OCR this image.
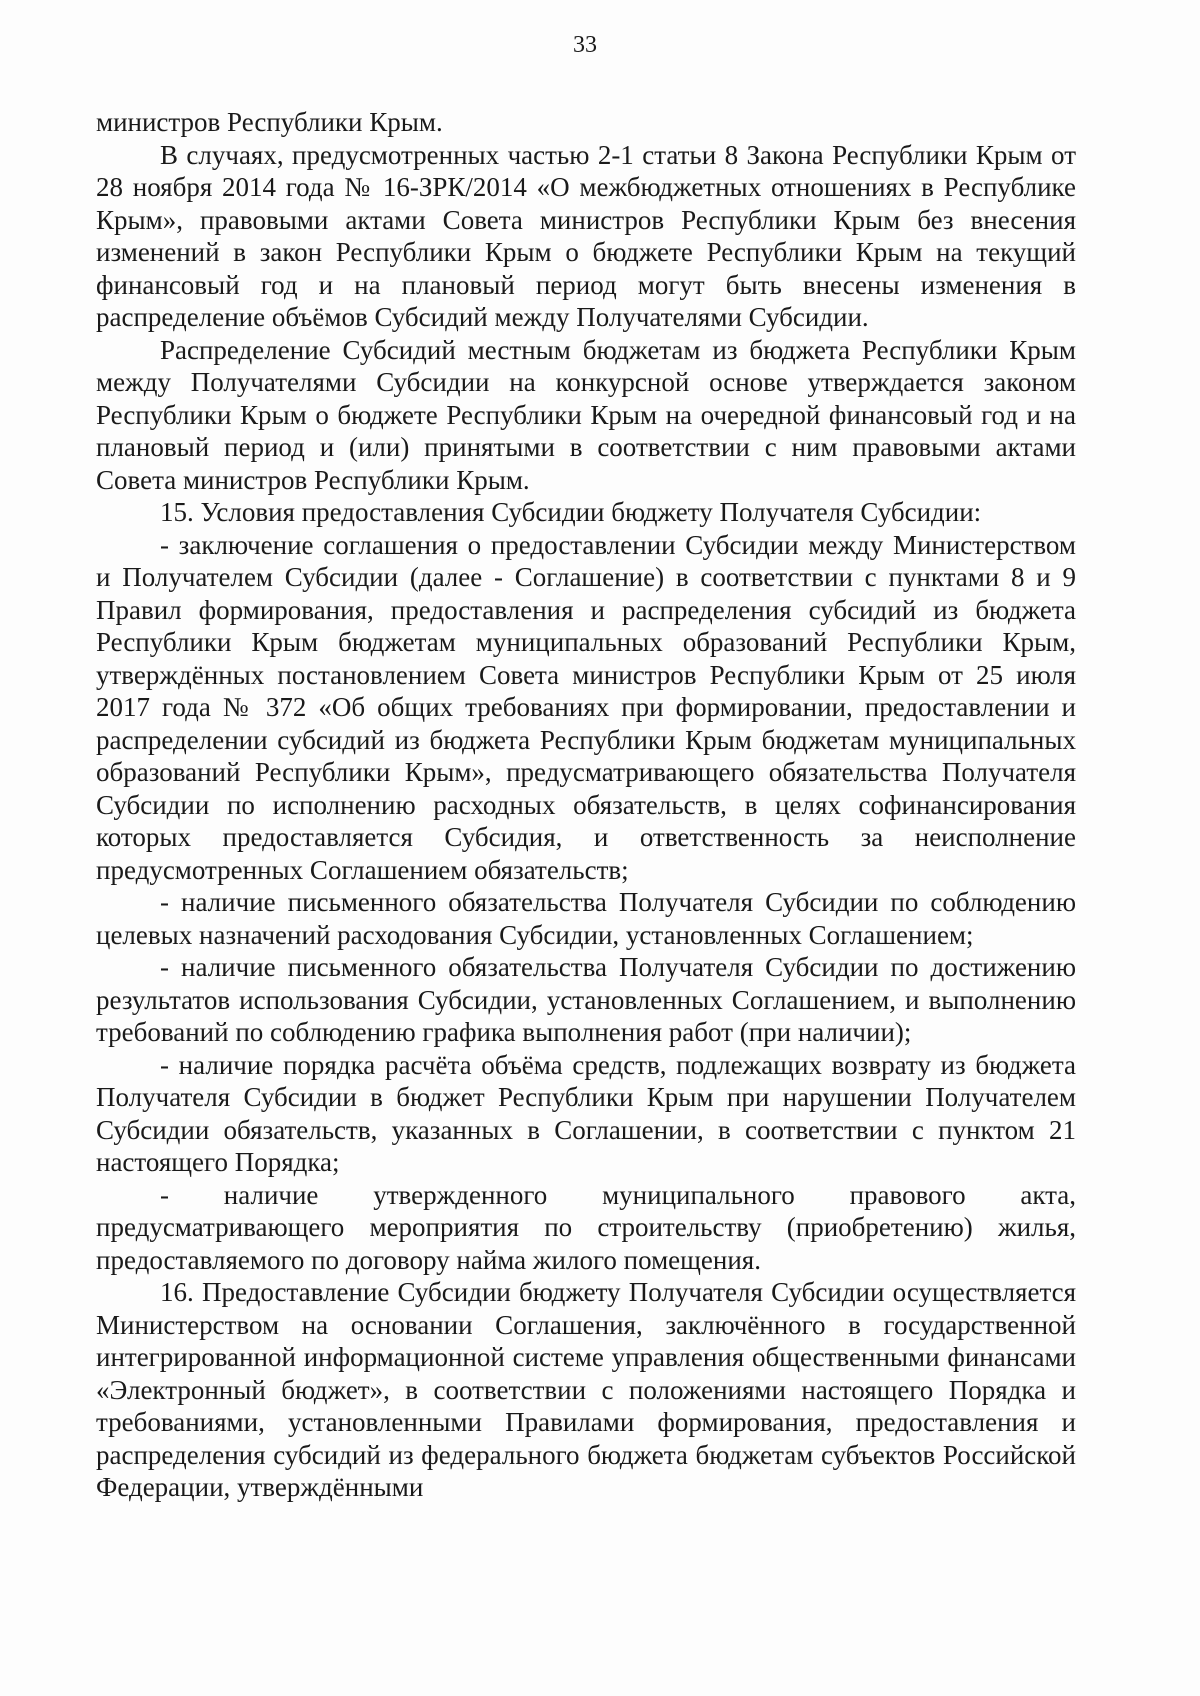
33

министров Республики Крым.

В случаях, предусмотренных частью 2-1 статьи 8 Закона Республики Крым от 28 ноября 2014 года № 16-ЗРК/2014 «О межбюджетных отношениях в Республике Крым», правовыми актами Совета министров Республики Крым без внесения изменений в закон Республики Крым о бюджете Республики Крым на текущий финансовый год и на плановый период могут быть внесены изменения в распределение объёмов Субсидий между Получателями Субсидии.

Распределение Субсидий местным бюджетам из бюджета Республики Крым между Получателями Субсидии на конкурсной основе утверждается законом Республики Крым о бюджете Республики Крым на очередной финансовый год и на плановый период и (или) принятыми в соответствии с ним правовыми актами Совета министров Республики Крым.

15. Условия предоставления Субсидии бюджету Получателя Субсидии:

- заключение соглашения о предоставлении Субсидии между Министерством и Получателем Субсидии (далее - Соглашение) в соответствии с пунктами 8 и 9 Правил формирования, предоставления и распределения субсидий из бюджета Республики Крым бюджетам муниципальных образований Республики Крым, утверждённых постановлением Совета министров Республики Крым от 25 июля 2017 года № 372 «Об общих требованиях при формировании, предоставлении и распределении субсидий из бюджета Республики Крым бюджетам муниципальных образований Республики Крым», предусматривающего обязательства Получателя Субсидии по исполнению расходных обязательств, в целях софинансирования которых предоставляется Субсидия, и ответственность за неисполнение предусмотренных Соглашением обязательств;

- наличие письменного обязательства Получателя Субсидии по соблюдению целевых назначений расходования Субсидии, установленных Соглашением;

- наличие письменного обязательства Получателя Субсидии по достижению результатов использования Субсидии, установленных Соглашением, и выполнению требований по соблюдению графика выполнения работ (при наличии);

- наличие порядка расчёта объёма средств, подлежащих возврату из бюджета Получателя Субсидии в бюджет Республики Крым при нарушении Получателем Субсидии обязательств, указанных в Соглашении, в соответствии с пунктом 21 настоящего Порядка;

- наличие утвержденного муниципального правового акта, предусматривающего мероприятия по строительству (приобретению) жилья, предоставляемого по договору найма жилого помещения.

16. Предоставление Субсидии бюджету Получателя Субсидии осуществляется Министерством на основании Соглашения, заключённого в государственной интегрированной информационной системе управления общественными финансами «Электронный бюджет», в соответствии с положениями настоящего Порядка и требованиями, установленными Правилами формирования, предоставления и распределения субсидий из федерального бюджета бюджетам субъектов Российской Федерации, утверждёнными
